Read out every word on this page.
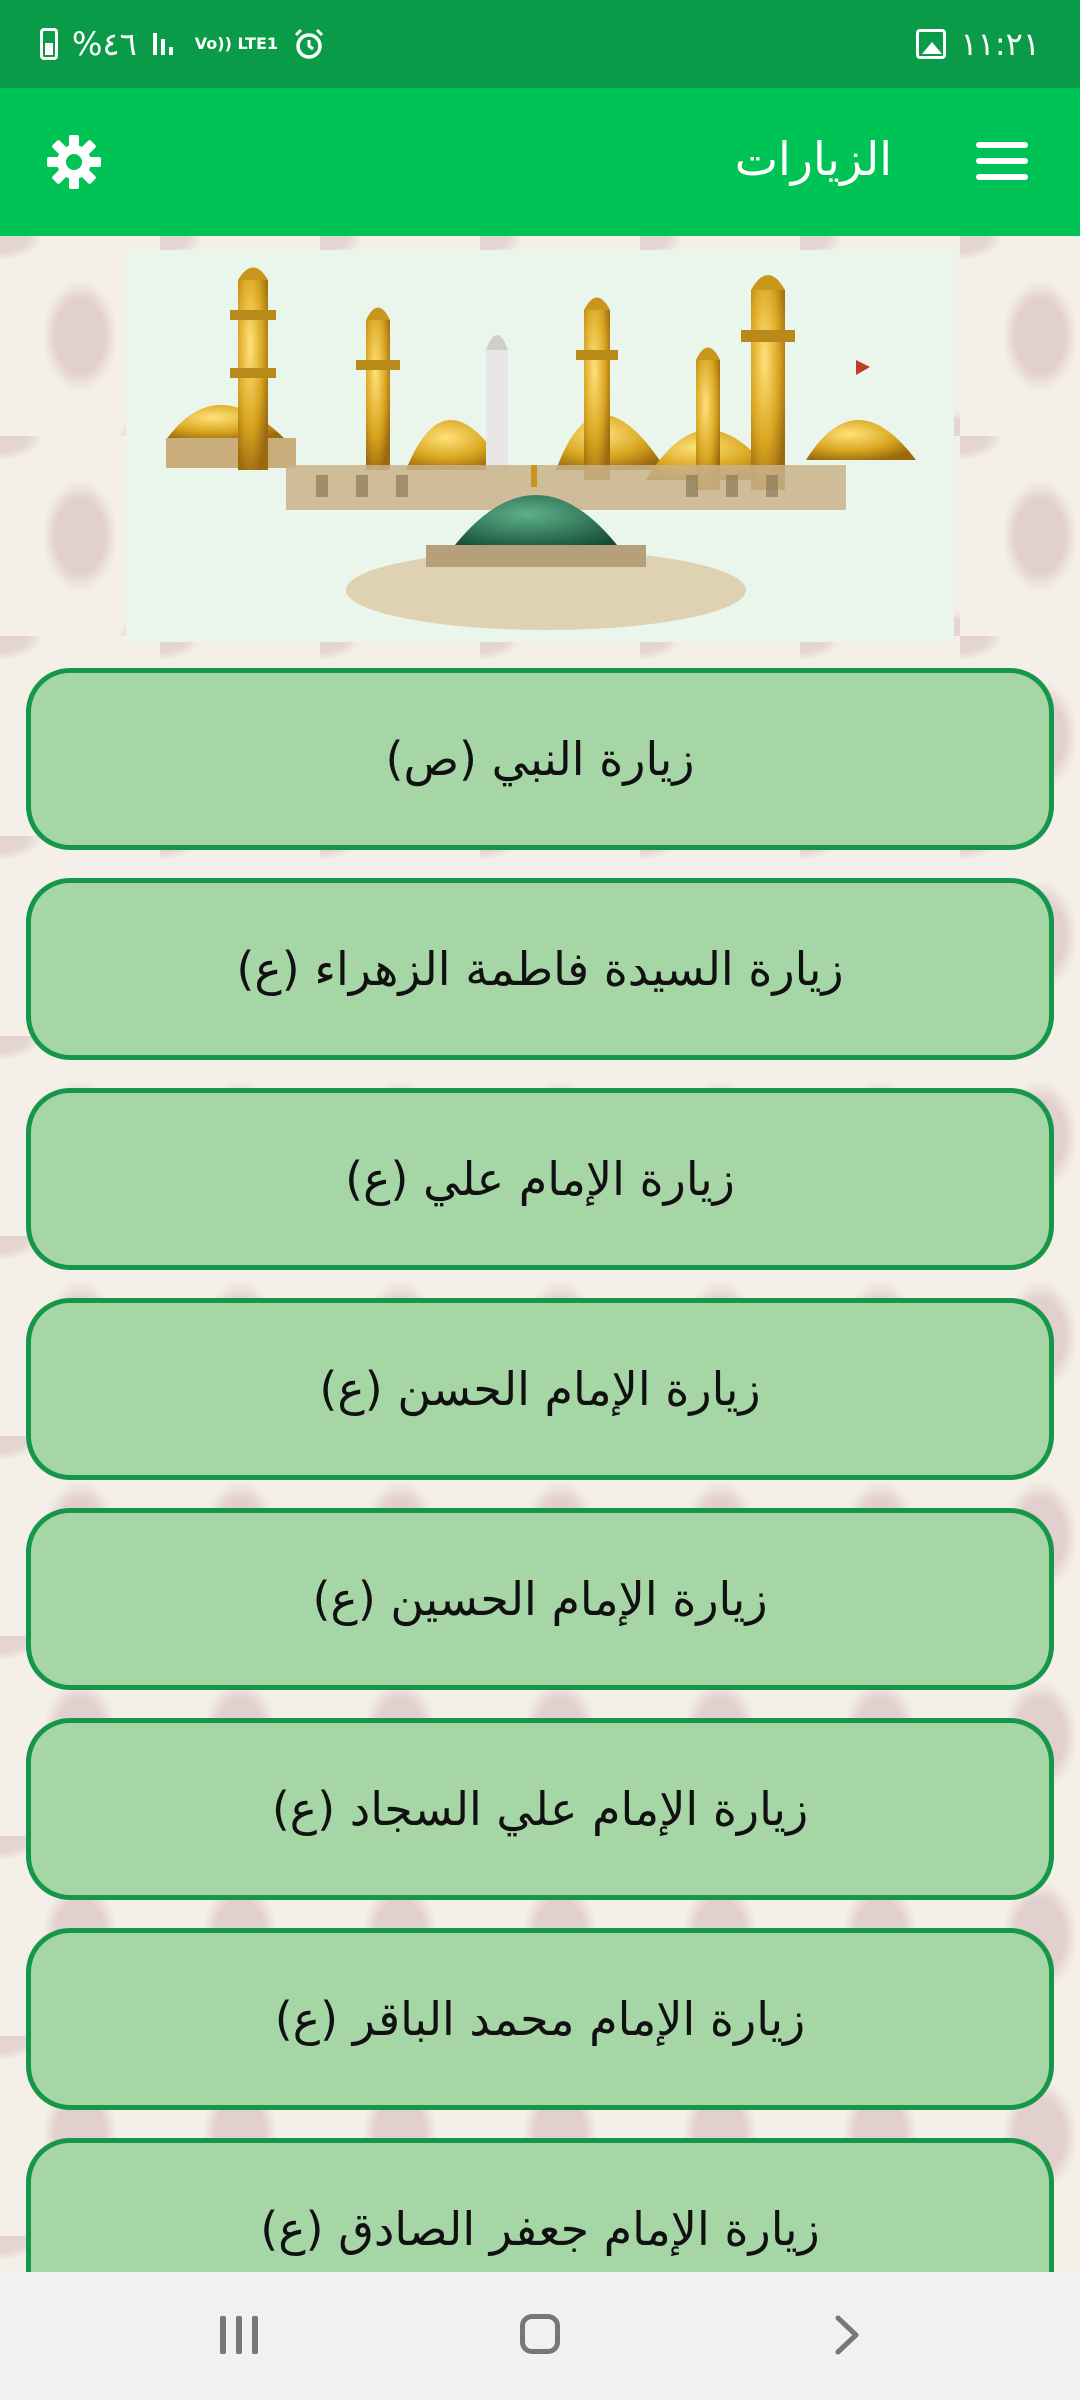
%٤٦	Vo)) LTE1	١١:٢١
الزيارات
زيارة النبي (ص)
زيارة السيدة فاطمة الزهراء (ع)
زيارة الإمام علي (ع)
زيارة الإمام الحسن (ع)
زيارة الإمام الحسين (ع)
زيارة الإمام علي السجاد (ع)
زيارة الإمام محمد الباقر (ع)
زيارة الإمام جعفر الصادق (ع)
